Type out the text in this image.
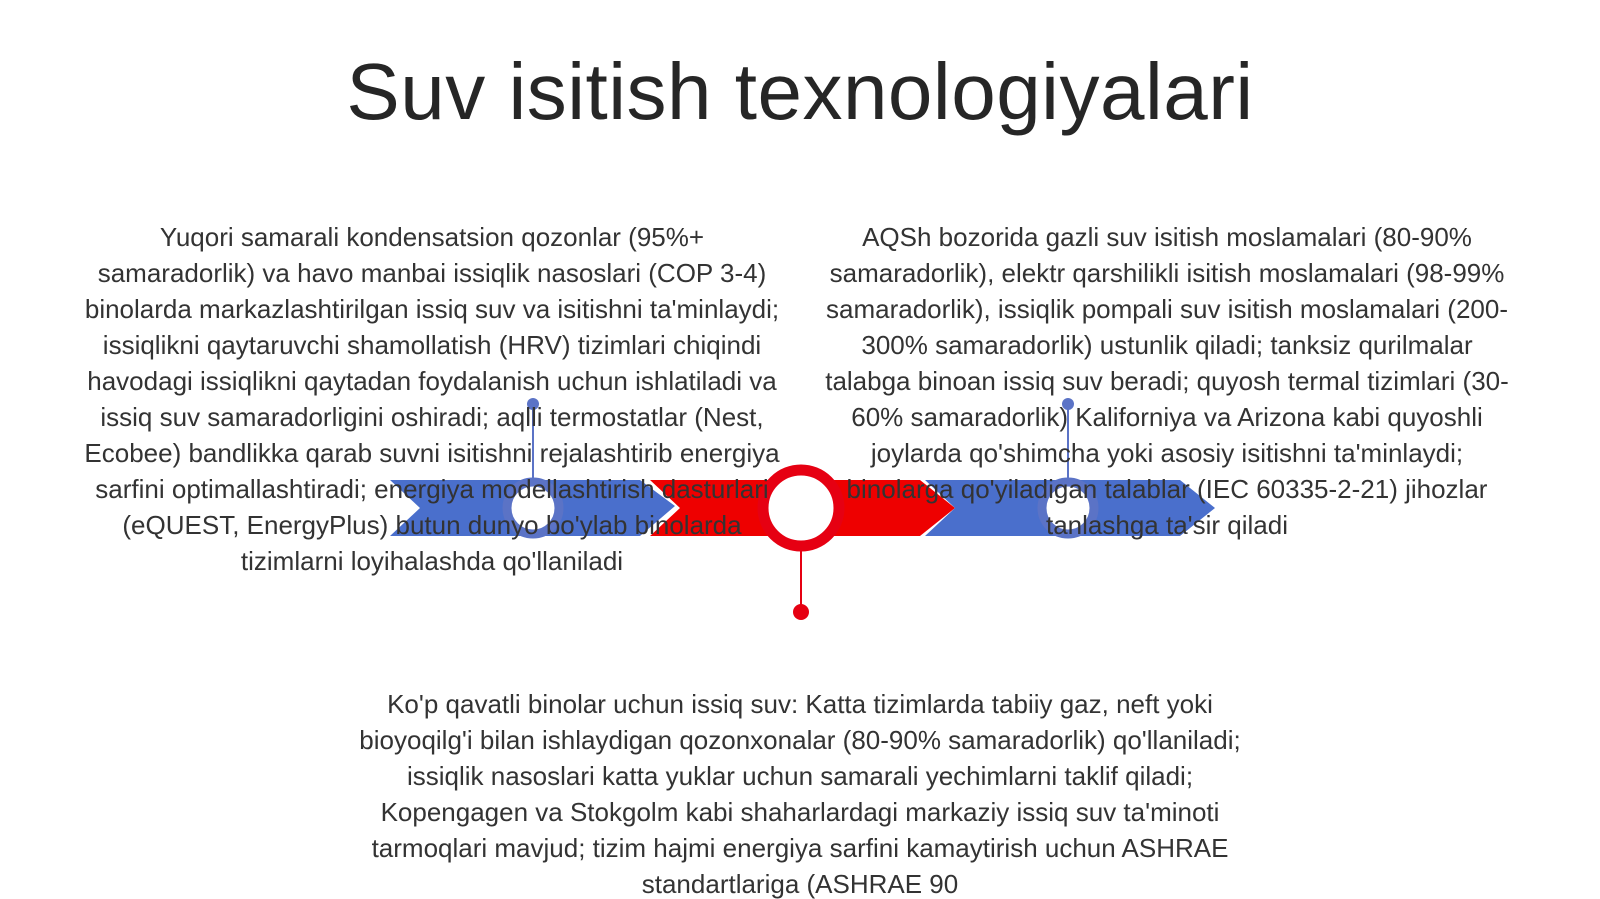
Suv isitish texnologiyalari
Yuqori samarali kondensatsion qozonlar (95%+ samaradorlik) va havo manbai issiqlik nasoslari (COP 3-4) binolarda markazlashtirilgan issiq suv va isitishni ta'minlaydi; issiqlikni qaytaruvchi shamollatish (HRV) tizimlari chiqindi havodagi issiqlikni qaytadan foydalanish uchun ishlatiladi va issiq suv samaradorligini oshiradi; aqlli termostatlar (Nest, Ecobee) bandlikka qarab suvni isitishni rejalashtirib energiya sarfini optimallashtiradi; energiya modellashtirish dasturlari (eQUEST, EnergyPlus) butun dunyo bo'ylab binolarda tizimlarni loyihalashda qo'llaniladi
AQSh bozorida gazli suv isitish moslamalari (80-90% samaradorlik), elektr qarshilikli isitish moslamalari (98-99% samaradorlik), issiqlik pompali suv isitish moslamalari (200-300% samaradorlik) ustunlik qiladi; tanksiz qurilmalar talabga binoan issiq suv beradi; quyosh termal tizimlari (30-60% samaradorlik) Kaliforniya va Arizona kabi quyoshli joylarda qo'shimcha yoki asosiy isitishni ta'minlaydi; binolarga qo'yiladigan talablar (IEC 60335-2-21) jihozlar tanlashga ta'sir qiladi
Ko'p qavatli binolar uchun issiq suv: Katta tizimlarda tabiiy gaz, neft yoki bioyoqilg'i bilan ishlaydigan qozonxonalar (80-90% samaradorlik) qo'llaniladi; issiqlik nasoslari katta yuklar uchun samarali yechimlarni taklif qiladi; Kopengagen va Stokgolm kabi shaharlardagi markaziy issiq suv ta'minoti tarmoqlari mavjud; tizim hajmi energiya sarfini kamaytirish uchun ASHRAE standartlariga (ASHRAE 90
